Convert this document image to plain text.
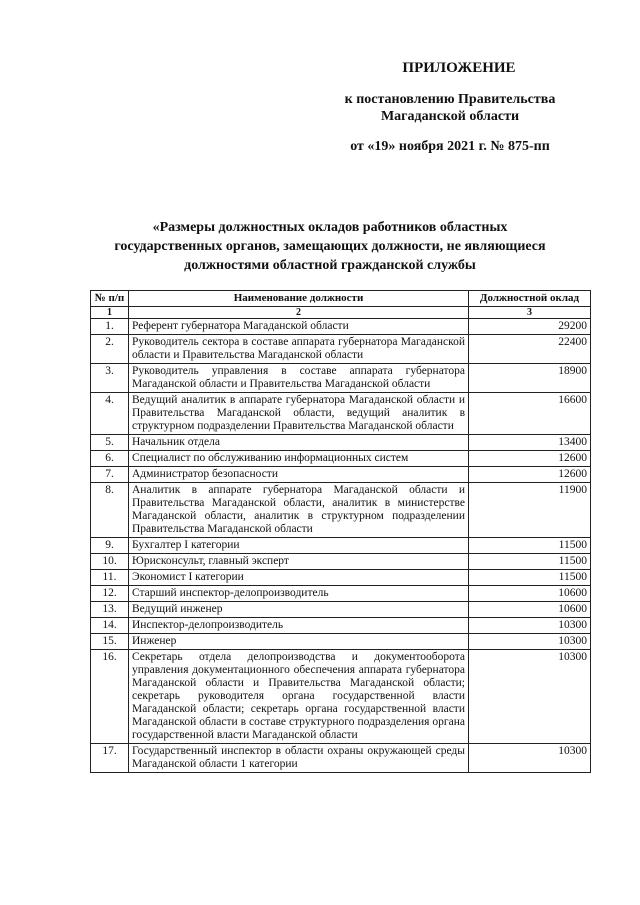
ПРИЛОЖЕНИЕ
к постановлению Правительства
Магаданской области
от «19» ноября 2021 г. № 875-пп
«Размеры должностных окладов работников областных
государственных органов, замещающих должности, не являющиеся
должностями областной гражданской службы
№ п/п	Наименование должности	Должностной оклад
1	2	3
1.	Референт губернатора Магаданской области	29200
2.	Руководитель сектора в составе аппарата губернатора Магаданской области и Правительства Магаданской области	22400
3.	Руководитель управления в составе аппарата губернатора Магаданской области и Правительства Магаданской области	18900
4.	Ведущий аналитик в аппарате губернатора Магаданской области и Правительства Магаданской области, ведущий аналитик в структурном подразделении Правительства Магаданской области	16600
5.	Начальник отдела	13400
6.	Специалист по обслуживанию информационных систем	12600
7.	Администратор безопасности	12600
8.	Аналитик в аппарате губернатора Магаданской области и Правительства Магаданской области, аналитик в министерстве Магаданской области, аналитик в структурном подразделении Правительства Магаданской области	11900
9.	Бухгалтер I категории	11500
10.	Юрисконсульт, главный эксперт	11500
11.	Экономист I категории	11500
12.	Старший инспектор-делопроизводитель	10600
13.	Ведущий инженер	10600
14.	Инспектор-делопроизводитель	10300
15.	Инженер	10300
16.	Секретарь отдела делопроизводства и документооборота управления документационного обеспечения аппарата губернатора Магаданской области и Правительства Магаданской области; секретарь руководителя органа государственной власти Магаданской области; секретарь органа государственной власти Магаданской области в составе структурного подразделения органа государственной власти Магаданской области	10300
17.	Государственный инспектор в области охраны окружающей среды Магаданской области 1 категории	10300
